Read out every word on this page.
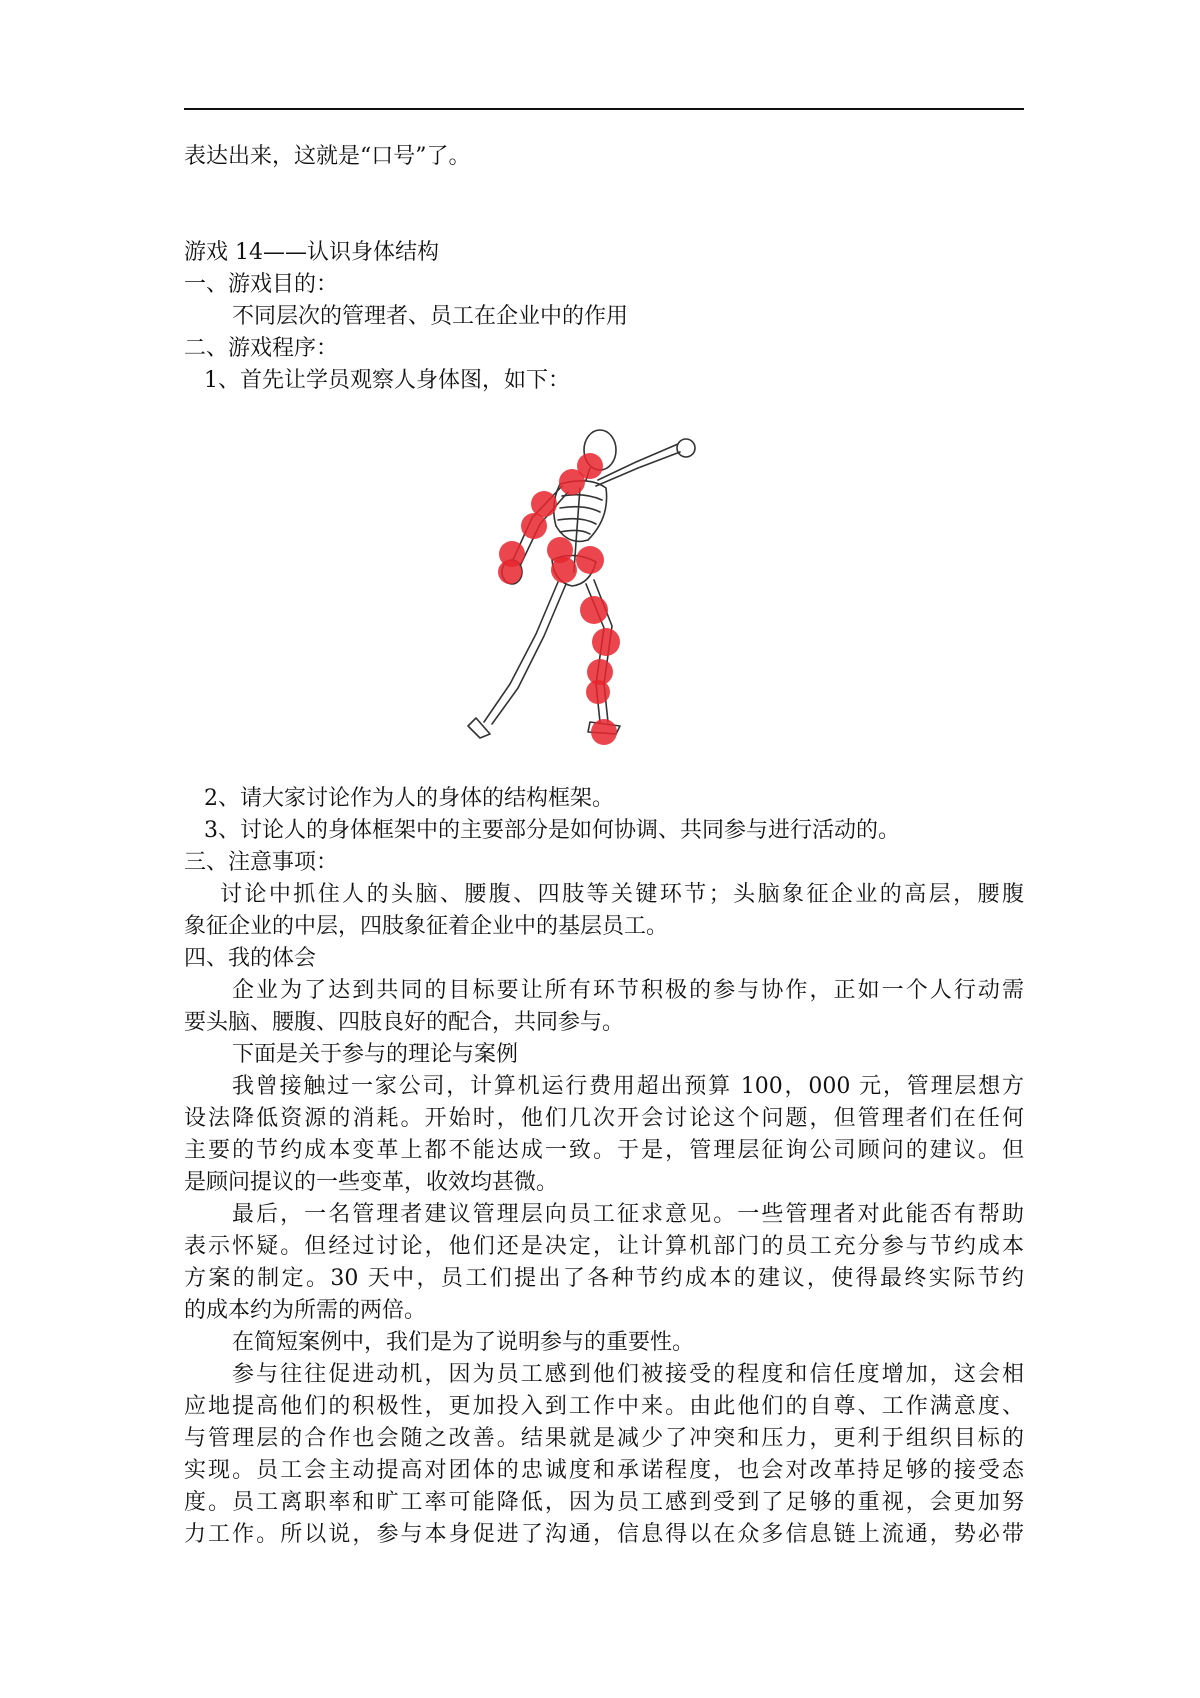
表达出来，这就是“口号”了。
游戏 14——认识身体结构
一、游戏目的：
不同层次的管理者、员工在企业中的作用
二、游戏程序：
1、首先让学员观察人身体图，如下：
2、请大家讨论作为人的身体的结构框架。
3、讨论人的身体框架中的主要部分是如何协调、共同参与进行活动的。
三、注意事项：
讨论中抓住人的头脑、腰腹、四肢等关键环节；头脑象征企业的高层，腰腹
象征企业的中层，四肢象征着企业中的基层员工。
四、我的体会
企业为了达到共同的目标要让所有环节积极的参与协作，正如一个人行动需
要头脑、腰腹、四肢良好的配合，共同参与。
下面是关于参与的理论与案例
我曾接触过一家公司，计算机运行费用超出预算 100，000 元，管理层想方
设法降低资源的消耗。开始时，他们几次开会讨论这个问题，但管理者们在任何
主要的节约成本变革上都不能达成一致。于是，管理层征询公司顾问的建议。但
是顾问提议的一些变革，收效均甚微。
最后，一名管理者建议管理层向员工征求意见。一些管理者对此能否有帮助
表示怀疑。但经过讨论，他们还是决定，让计算机部门的员工充分参与节约成本
方案的制定。30 天中，员工们提出了各种节约成本的建议，使得最终实际节约
的成本约为所需的两倍。
在简短案例中，我们是为了说明参与的重要性。
参与往往促进动机，因为员工感到他们被接受的程度和信任度增加，这会相
应地提高他们的积极性，更加投入到工作中来。由此他们的自尊、工作满意度、
与管理层的合作也会随之改善。结果就是减少了冲突和压力，更利于组织目标的
实现。员工会主动提高对团体的忠诚度和承诺程度，也会对改革持足够的接受态
度。员工离职率和旷工率可能降低，因为员工感到受到了足够的重视，会更加努
力工作。所以说，参与本身促进了沟通，信息得以在众多信息链上流通，势必带
